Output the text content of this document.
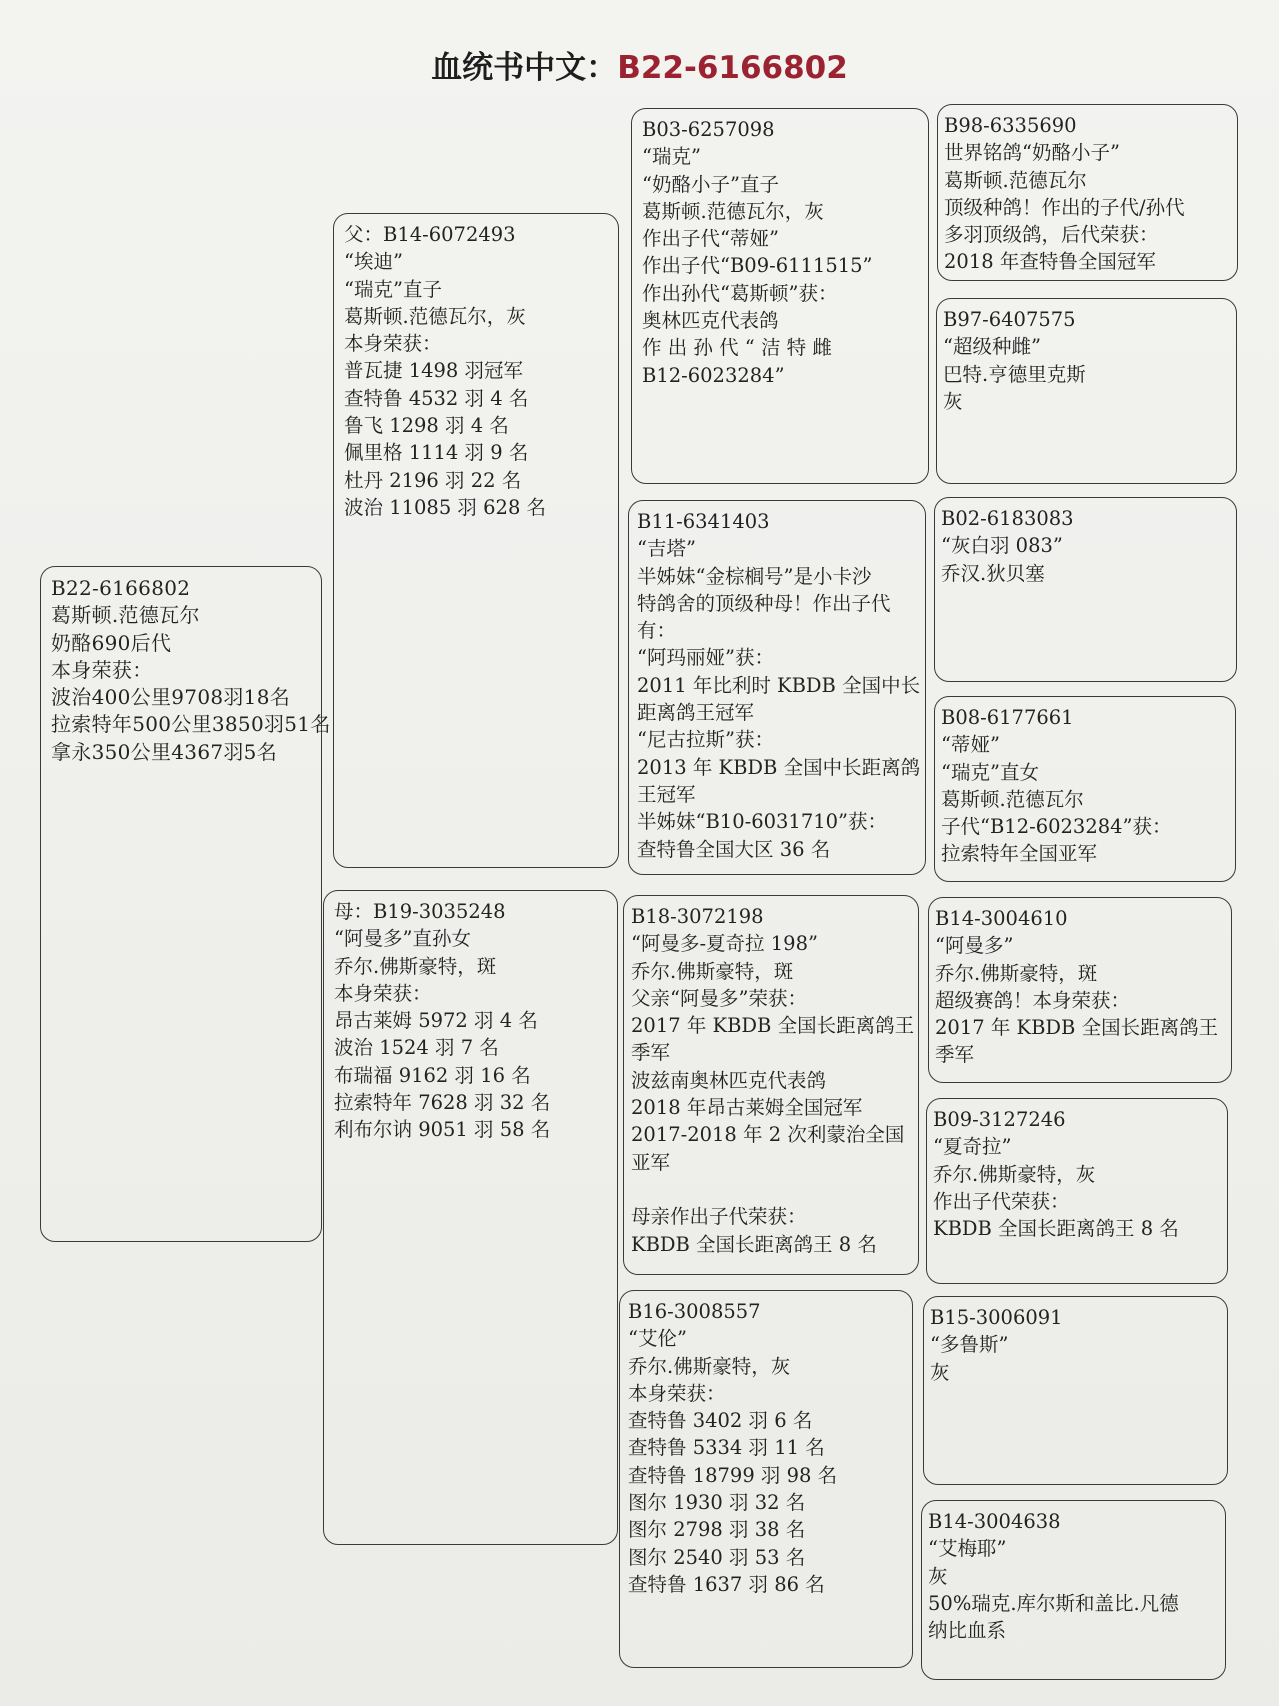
血统书中文：B22-6166802
B22-6166802
葛斯顿.范德瓦尔
奶酪690后代
本身荣获：
波治400公里9708羽18名
拉索特年500公里3850羽51名
拿永350公里4367羽5名
父：B14-6072493
“埃迪”
“瑞克”直子
葛斯顿.范德瓦尔，灰
本身荣获：
普瓦捷 1498 羽冠军
查特鲁 4532 羽 4 名
鲁飞 1298 羽 4 名
佩里格 1114 羽 9 名
杜丹 2196 羽 22 名
波治 11085 羽 628 名
母：B19-3035248
“阿曼多”直孙女
乔尔.佛斯豪特，斑
本身荣获：
昂古莱姆 5972 羽 4 名
波治 1524 羽 7 名
布瑞福 9162 羽 16 名
拉索特年 7628 羽 32 名
利布尔讷 9051 羽 58 名
B03-6257098
“瑞克”
“奶酪小子”直子
葛斯顿.范德瓦尔，灰
作出子代“蒂娅”
作出子代“B09-6111515”
作出孙代“葛斯顿”获：
奥林匹克代表鸽
作 出 孙 代 “ 洁 特 雌
B12-6023284”
B11-6341403
“吉塔”
半姊妹“金棕榈号”是小卡沙
特鸽舍的顶级种母！作出子代
有：
“阿玛丽娅”获：
2011 年比利时 KBDB 全国中长
距离鸽王冠军
“尼古拉斯”获：
2013 年 KBDB 全国中长距离鸽
王冠军
半姊妹“B10-6031710”获：
查特鲁全国大区 36 名
B18-3072198
“阿曼多-夏奇拉 198”
乔尔.佛斯豪特，斑
父亲“阿曼多”荣获：
2017 年 KBDB 全国长距离鸽王
季军
波兹南奥林匹克代表鸽
2018 年昂古莱姆全国冠军
2017-2018 年 2 次利蒙治全国
亚军

母亲作出子代荣获：
KBDB 全国长距离鸽王 8 名
B16-3008557
“艾伦”
乔尔.佛斯豪特，灰
本身荣获：
查特鲁 3402 羽 6 名
查特鲁 5334 羽 11 名
查特鲁 18799 羽 98 名
图尔 1930 羽 32 名
图尔 2798 羽 38 名
图尔 2540 羽 53 名
查特鲁 1637 羽 86 名
B98-6335690
世界铭鸽“奶酪小子”
葛斯顿.范德瓦尔
顶级种鸽！作出的子代/孙代
多羽顶级鸽，后代荣获：
2018 年查特鲁全国冠军
B97-6407575
“超级种雌”
巴特.亨德里克斯
灰
B02-6183083
“灰白羽 083”
乔汉.狄贝塞
B08-6177661
“蒂娅”
“瑞克”直女
葛斯顿.范德瓦尔
子代“B12-6023284”获：
拉索特年全国亚军
B14-3004610
“阿曼多”
乔尔.佛斯豪特，斑
超级赛鸽！本身荣获：
2017 年 KBDB 全国长距离鸽王
季军
B09-3127246
“夏奇拉”
乔尔.佛斯豪特，灰
作出子代荣获：
KBDB 全国长距离鸽王 8 名
B15-3006091
“多鲁斯”
灰
B14-3004638
“艾梅耶”
灰
50%瑞克.库尔斯和盖比.凡德
纳比血系
